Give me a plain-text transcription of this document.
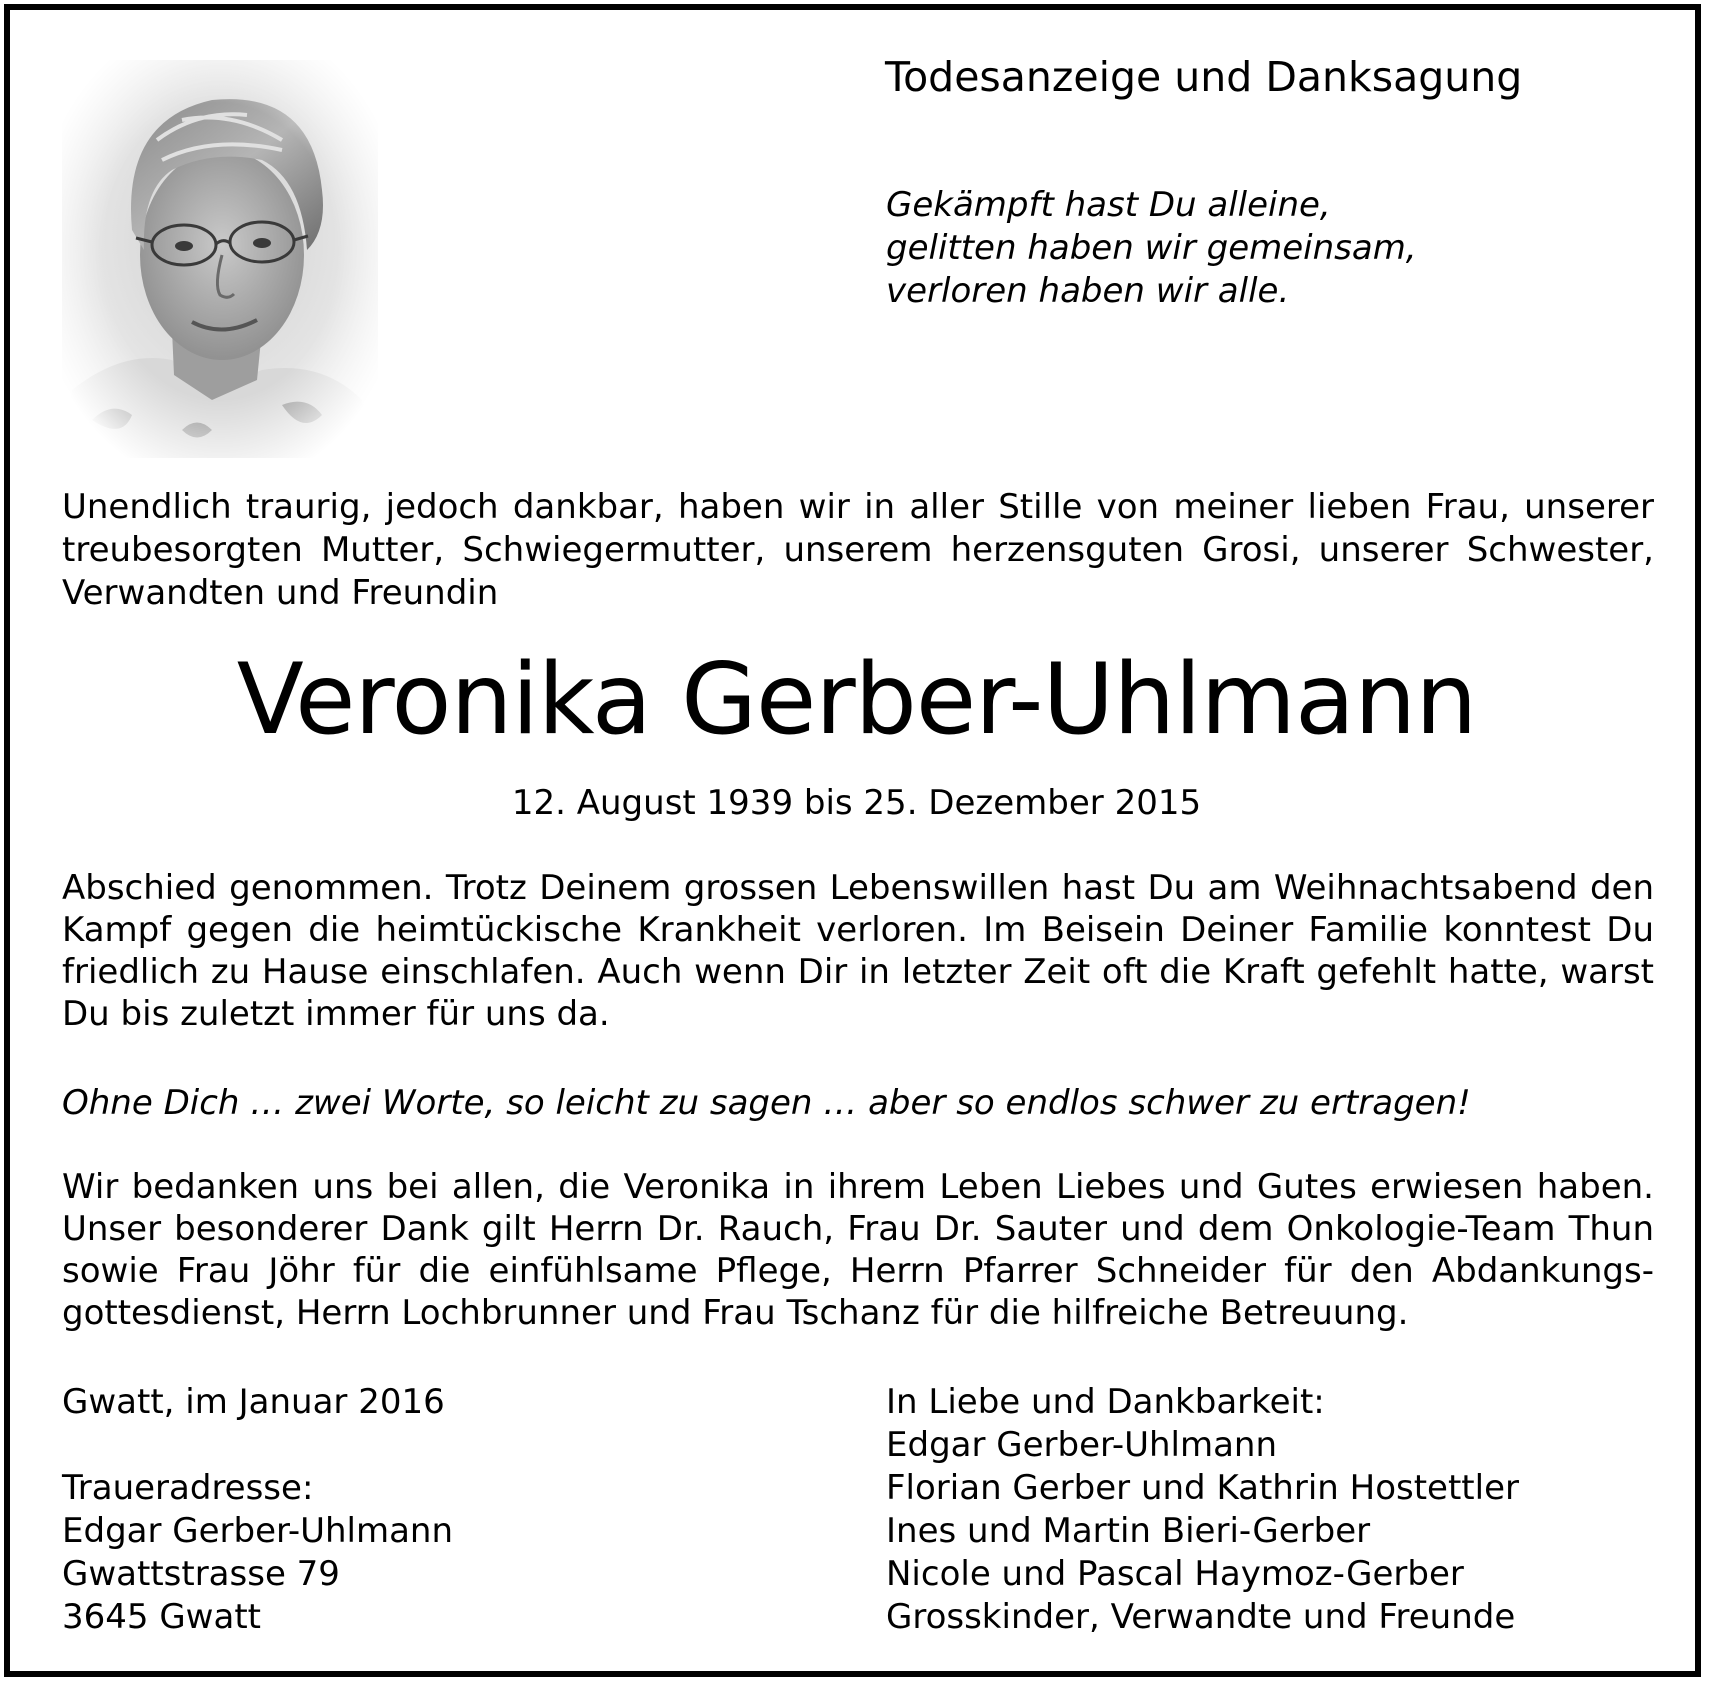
Todesanzeige und Danksagung
Gekämpft hast Du alleine,
gelitten haben wir gemeinsam,
verloren haben wir alle.
Unendlich traurig, jedoch dankbar, haben wir in aller Stille von meiner lieben Frau, unserer treubesorgten Mutter, Schwiegermutter, unserem herzensguten Grosi, unserer Schwester, Verwandten und Freundin
Veronika Gerber-Uhlmann
12. August 1939 bis 25. Dezember 2015
Abschied genommen. Trotz Deinem grossen Lebenswillen hast Du am Weihnachtsabend den Kampf gegen die heimtückische Krankheit verloren. Im Beisein Deiner Familie konntest Du friedlich zu Hause einschlafen. Auch wenn Dir in letzter Zeit oft die Kraft gefehlt hatte, warst Du bis zuletzt immer für uns da.
Ohne Dich … zwei Worte, so leicht zu sagen … aber so endlos schwer zu ertragen!
Wir bedanken uns bei allen, die Veronika in ihrem Leben Liebes und Gutes erwiesen haben. Unser besonderer Dank gilt Herrn Dr. Rauch, Frau Dr. Sauter und dem Onkologie-Team Thun sowie Frau Jöhr für die einfühlsame Pflege, Herrn Pfarrer Schneider für den Abdankungsgottesdienst, Herrn Lochbrunner und Frau Tschanz für die hilfreiche Betreuung.
Gwatt, im Januar 2016
Traueradresse:
Edgar Gerber-Uhlmann
Gwattstrasse 79
3645 Gwatt
In Liebe und Dankbarkeit:
Edgar Gerber-Uhlmann
Florian Gerber und Kathrin Hostettler
Ines und Martin Bieri-Gerber
Nicole und Pascal Haymoz-Gerber
Grosskinder, Verwandte und Freunde
